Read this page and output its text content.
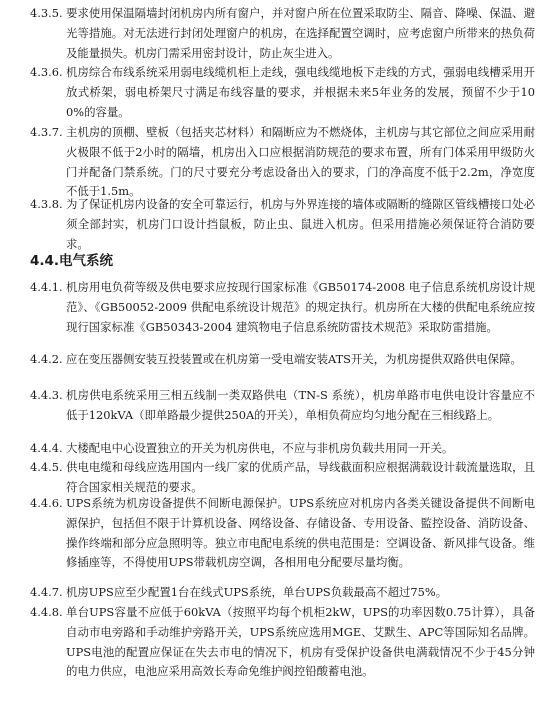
4.3.5. 要求使用保温隔墙封闭机房内所有窗户，并对窗户所在位置采取防尘、隔音、降噪、保温、避光等措施。对无法进行封闭处理窗户的机房，在选择配置空调时，应考虑窗户所带来的热负荷及能量损失。机房门需采用密封设计，防止灰尘进入。
4.3.6. 机房综合布线系统采用弱电线缆机柜上走线，强电线缆地板下走线的方式，强弱电线槽采用开放式桥架，弱电桥架尺寸满足布线容量的要求，并根据未来5年业务的发展，预留不少于100%的容量。
4.3.7. 主机房的顶棚、壁板（包括夹芯材料）和隔断应为不燃烧体，主机房与其它部位之间应采用耐火极限不低于2小时的隔墙，机房出入口应根据消防规范的要求布置，所有门体采用甲级防火门并配备门禁系统。门的尺寸要充分考虑设备出入的要求，门的净高度不低于2.2m，净宽度不低于1.5m。
4.3.8. 为了保证机房内设备的安全可靠运行，机房与外界连接的墙体或隔断的缝隙区管线槽接口处必须全部封实，机房门口设计挡鼠板，防止虫、鼠进入机房。但采用措施必须保证符合消防要求。
4.4.电气系统
4.4.1. 机房用电负荷等级及供电要求应按现行国家标准《GB50174-2008 电子信息系统机房设计规范》、《GB50052-2009 供配电系统设计规范》的规定执行。机房所在大楼的供配电系统应按现行国家标准《GB50343-2004 建筑物电子信息系统防雷技术规范》采取防雷措施。
4.4.2. 应在变压器侧安装互投装置或在机房第一受电端安装ATS开关，为机房提供双路供电保障。
4.4.3. 机房供电系统采用三相五线制一类双路供电（TN-S 系统），机房单路市电供电设计容量应不低于120kVA（即单路最少提供250A的开关），单相负荷应均匀地分配在三相线路上。
4.4.4. 大楼配电中心设置独立的开关为机房供电，不应与非机房负载共用同一开关。
4.4.5. 供电电缆和母线应选用国内一线厂家的优质产品，导线截面积应根据满载设计载流量选取，且符合国家相关规范的要求。
4.4.6. UPS系统为机房设备提供不间断电源保护。UPS系统应对机房内各类关键设备提供不间断电源保护，包括但不限于计算机设备、网络设备、存储设备、专用设备、監控设备、消防设备、操作终端和部分应急照明等。独立市电配电系统的供电范围是：空调设备、新风排气设备。维修插座等，不得使用UPS带载机房空调，各相用电分配要尽量均衡。
4.4.7. 机房UPS应至少配置1台在线式UPS系统，单台UPS负载最高不超过75%。
4.4.8. 单台UPS容量不应低于60kVA（按照平均每个机柜2kW，UPS的功率因数0.75计算），具备自动市电旁路和手动维护旁路开关，UPS系统应选用MGE、艾默生、APC等国际知名品牌。UPS电池的配置应保证在失去市电的情况下，机房有受保护设备供电满载情况不少于45分钟的电力供应，电池应采用高效长寿命免维护阀控铅酸蓄电池。
